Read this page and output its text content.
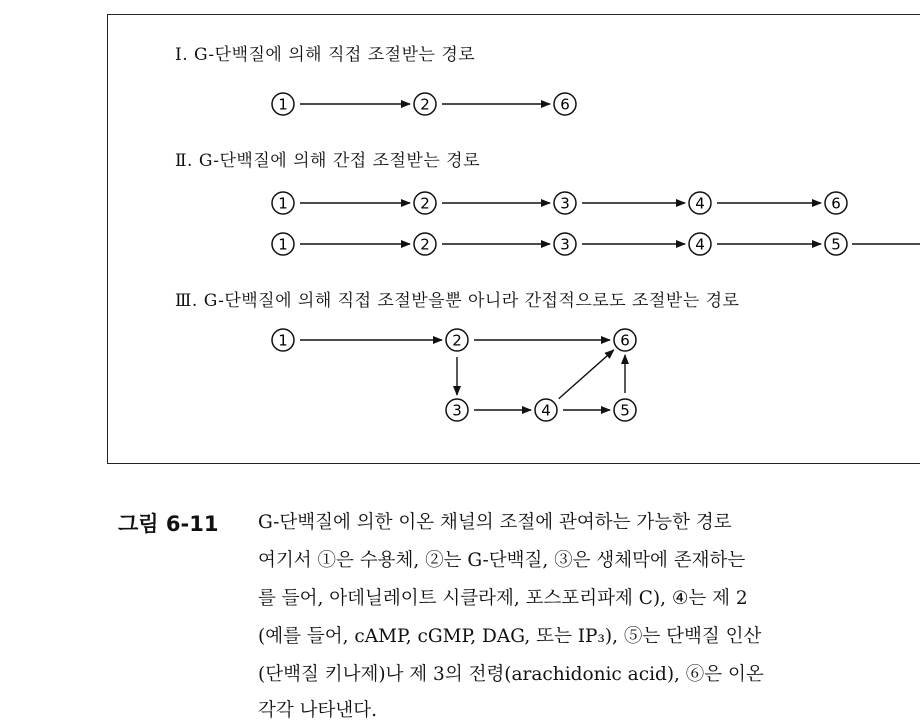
Ⅰ. G-단백질에 의해 직접 조절받는 경로
Ⅱ. G-단백질에 의해 간접 조절받는 경로
Ⅲ. G-단백질에 의해 직접 조절받을뿐 아니라 간접적으로도 조절받는 경로
1	2	6
1	2	3	4	6
1	2	3	4	5
1	2	6
3	4	5
그림 6-11 G-단백질에 의한 이온 채널의 조절에 관여하는 가능한 경로
여기서 ①은 수용체, ②는 G-단백질, ③은 생체막에 존재하는
를 들어, 아데닐레이트 시클라제, 포스포리파제 C), ④는 제 2
(예를 들어, cAMP, cGMP, DAG, 또는 IP₃), ⑤는 단백질 인산
(단백질 키나제)나 제 3의 전령(arachidonic acid), ⑥은 이온
각각 나타낸다.
